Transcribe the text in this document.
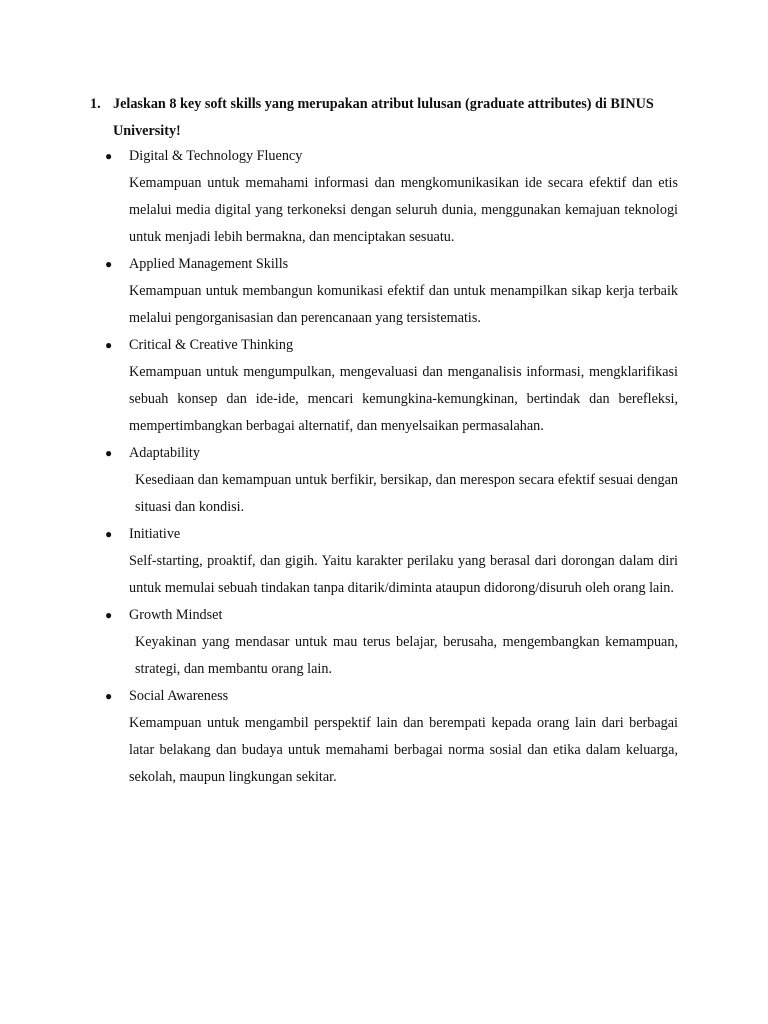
1. Jelaskan 8 key soft skills yang merupakan atribut lulusan (graduate attributes) di BINUS University!
●	Digital & Technology Fluency
Kemampuan untuk memahami informasi dan mengkomunikasikan ide secara efektif dan etis melalui media digital yang terkoneksi dengan seluruh dunia, menggunakan kemajuan teknologi untuk menjadi lebih bermakna, dan menciptakan sesuatu.
●	Applied Management Skills
Kemampuan untuk membangun komunikasi efektif dan untuk menampilkan sikap kerja terbaik melalui pengorganisasian dan perencanaan yang tersistematis.
●	Critical & Creative Thinking
Kemampuan untuk mengumpulkan, mengevaluasi dan menganalisis informasi, mengklarifikasi sebuah konsep dan ide-ide, mencari kemungkina-kemungkinan, bertindak dan berefleksi, mempertimbangkan berbagai alternatif, dan menyelsaikan permasalahan.
●	Adaptability
Kesediaan dan kemampuan untuk berfikir, bersikap, dan merespon secara efektif sesuai dengan situasi dan kondisi.
●	Initiative
Self-starting, proaktif, dan gigih. Yaitu karakter perilaku yang berasal dari dorongan dalam diri untuk memulai sebuah tindakan tanpa ditarik/diminta ataupun didorong/disuruh oleh orang lain.
●	Growth Mindset
Keyakinan yang mendasar untuk mau terus belajar, berusaha, mengembangkan kemampuan, strategi, dan membantu orang lain.
●	Social Awareness
Kemampuan untuk mengambil perspektif lain dan berempati kepada orang lain dari berbagai latar belakang dan budaya untuk memahami berbagai norma sosial dan etika dalam keluarga, sekolah, maupun lingkungan sekitar.
